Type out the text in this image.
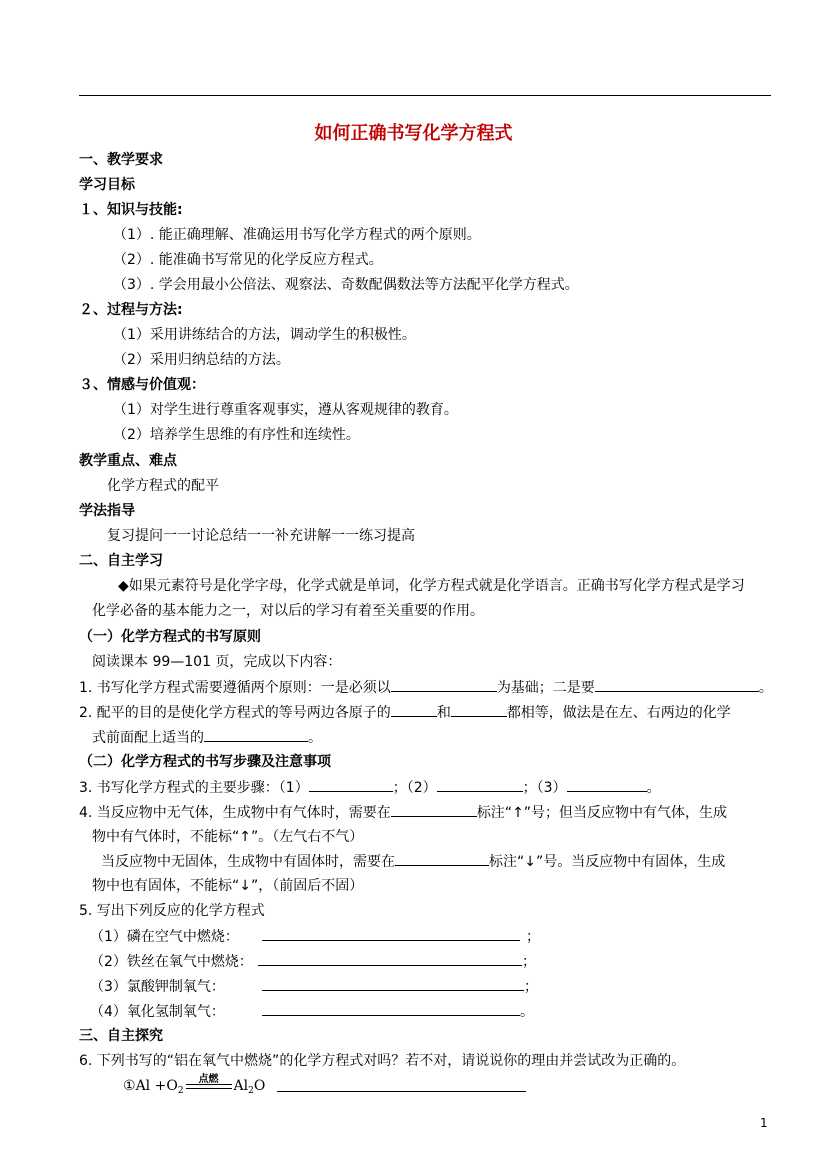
如何正确书写化学方程式
一、教学要求
学习目标
１、知识与技能:
（1）. 能正确理解、准确运用书写化学方程式的两个原则。
（2）. 能准确书写常见的化学反应方程式。
（3）. 学会用最小公倍法、观察法、奇数配偶数法等方法配平化学方程式。
２、过程与方法:
（1）采用讲练结合的方法，调动学生的积极性。
（2）采用归纳总结的方法。
３、情感与价值观：
（1）对学生进行尊重客观事实，遵从客观规律的教育。
（2）培养学生思维的有序性和连续性。
教学重点、难点
化学方程式的配平
学法指导
复习提问一一讨论总结一一补充讲解一一练习提高
二、自主学习
◆如果元素符号是化学字母，化学式就是单词，化学方程式就是化学语言。正确书写化学方程式是学习
化学必备的基本能力之一，对以后的学习有着至关重要的作用。
（一）化学方程式的书写原则
阅读课本 99—101 页，完成以下内容：
1. 书写化学方程式需要遵循两个原则：一是必须以	为基础；二是要	。
2. 配平的目的是使化学方程式的等号两边各原子的	和	都相等，做法是在左、右两边的化学
式前面配上适当的	。
（二）化学方程式的书写步骤及注意事项
3. 书写化学方程式的主要步骤：（1）	；（2）	；（3）	。
4. 当反应物中无气体，生成物中有气体时，需要在	标注“↑”号；但当反应物中有气体，生成
物中有气体时，不能标“↑”。（左气右不气）
当反应物中无固体，生成物中有固体时，需要在	标注“↓”号。当反应物中有固体，生成
物中也有固体，不能标“↓”，（前固后不固）
5. 写出下列反应的化学方程式
（1）磷在空气中燃烧：	；
（2）铁丝在氧气中燃烧：	；
（3）氯酸钾制氧气：	；
（4）氧化氢制氧气：	。
三、自主探究
6. 下列书写的“铝在氧气中燃烧”的化学方程式对吗？若不对，请说说你的理由并尝试改为正确的。
①Al $+O_2$
点燃	$Al_2O$
1
